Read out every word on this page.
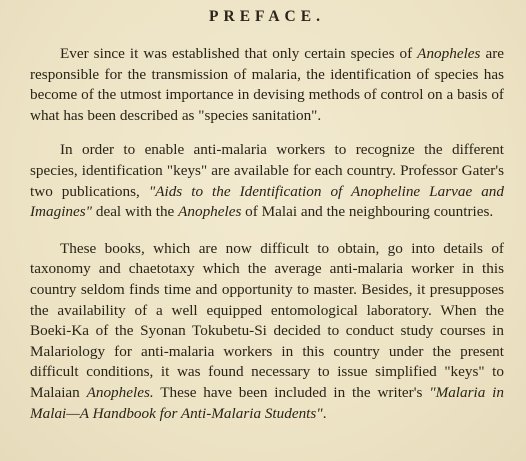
PREFACE.

Ever since it was established that only certain species of Anopheles are responsible for the transmission of malaria, the identification of species has become of the utmost importance in devising methods of control on a basis of what has been described as "species sanitation".

In order to enable anti-malaria workers to recognize the different species, identification "keys" are available for each country. Professor Gater's two publications, "Aids to the Identification of Anopheline Larvae and Imagines" deal with the Anopheles of Malai and the neighbouring countries.

These books, which are now difficult to obtain, go into details of taxonomy and chaetotaxy which the average anti-malaria worker in this country seldom finds time and opportunity to master. Besides, it presupposes the availability of a well equipped entomological laboratory. When the Boeki-Ka of the Syonan Tokubetu-Si decided to conduct study courses in Malariology for anti-malaria workers in this country under the present difficult conditions, it was found necessary to issue simplified "keys" to Malaian Anopheles. These have been included in the writer's "Malaria in Malai—A Handbook for Anti-Malaria Students".
